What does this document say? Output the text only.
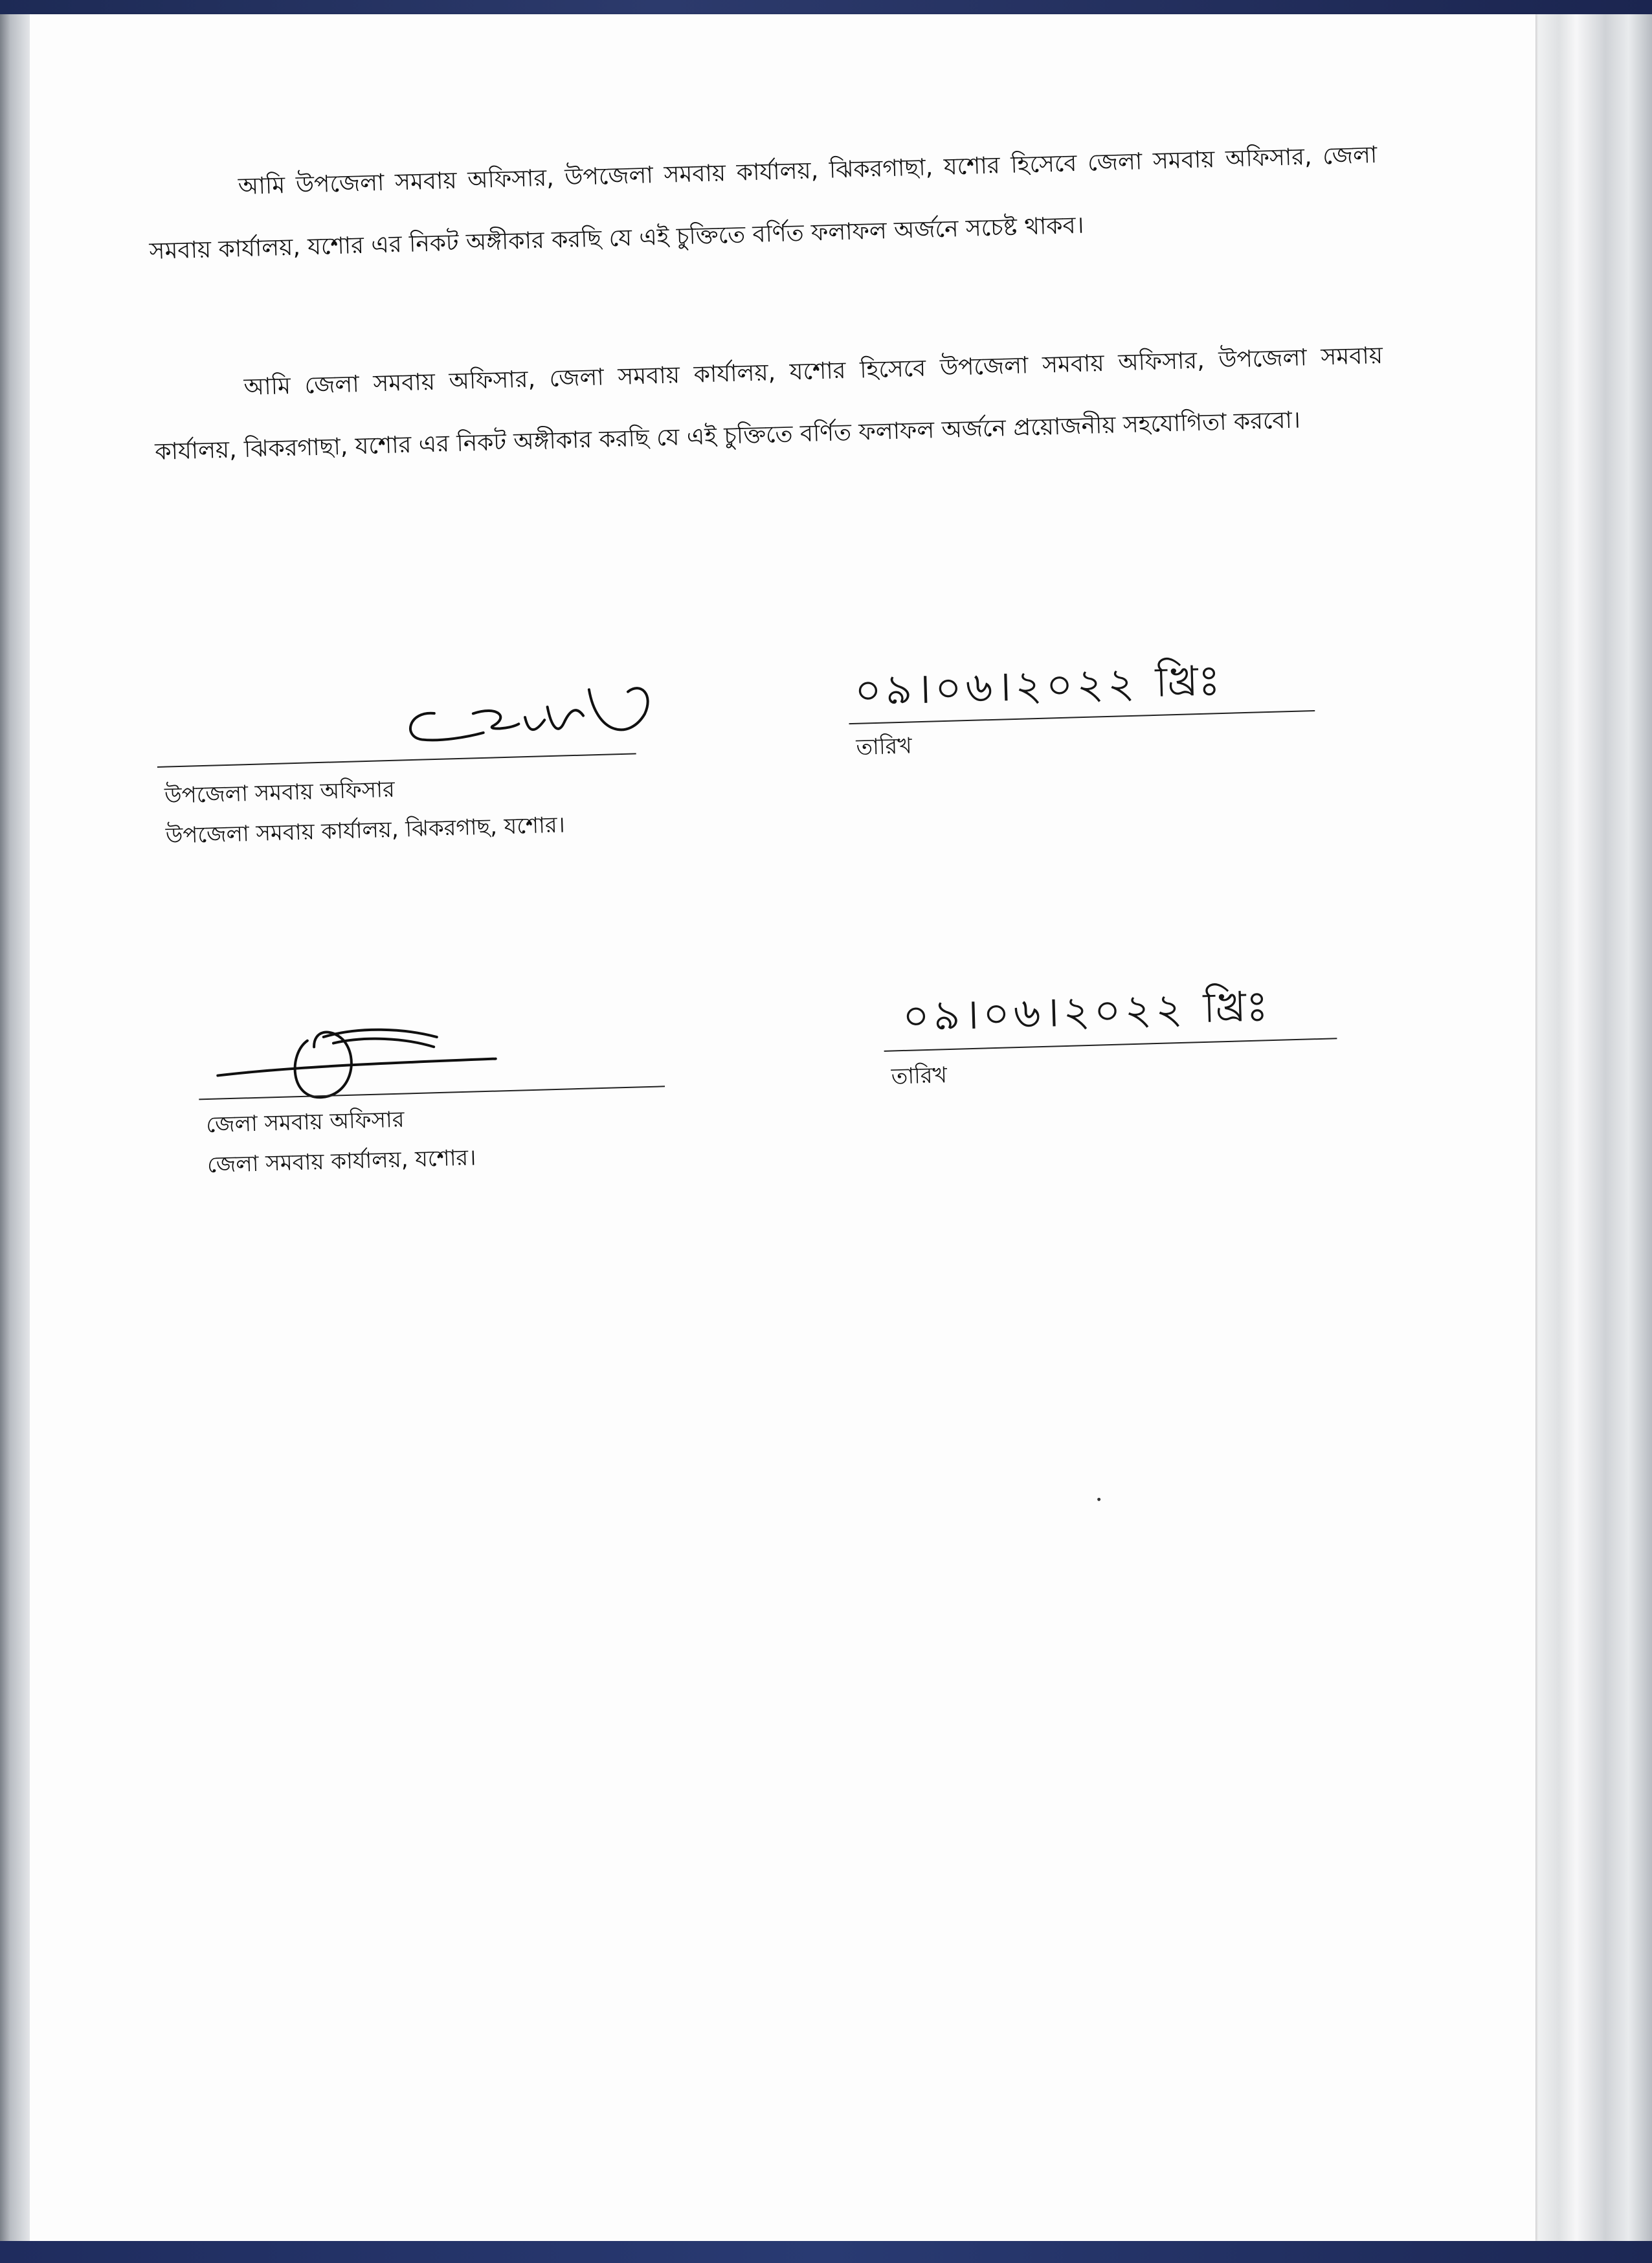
আমি উপজেলা সমবায় অফিসার, উপজেলা সমবায় কার্যালয়, ঝিকরগাছা, যশোর হিসেবে জেলা সমবায় অফিসার, জেলা সমবায় কার্যালয়, যশোর এর নিকট অঙ্গীকার করছি যে এই চুক্তিতে বর্ণিত ফলাফল অর্জনে সচেষ্ট থাকব।

আমি জেলা সমবায় অফিসার, জেলা সমবায় কার্যালয়, যশোর হিসেবে উপজেলা সমবায় অফিসার, উপজেলা সমবায় কার্যালয়, ঝিকরগাছা, যশোর এর নিকট অঙ্গীকার করছি যে এই চুক্তিতে বর্ণিত ফলাফল অর্জনে প্রয়োজনীয় সহযোগিতা করবো।

উপজেলা সমবায় অফিসার
উপজেলা সমবায় কার্যালয়, ঝিকরগাছ, যশোর।
০৯।০৬।২০২২ খ্রিঃ
তারিখ
জেলা সমবায় অফিসার
জেলা সমবায় কার্যালয়, যশোর।
০৯।০৬।২০২২ খ্রিঃ
তারিখ
